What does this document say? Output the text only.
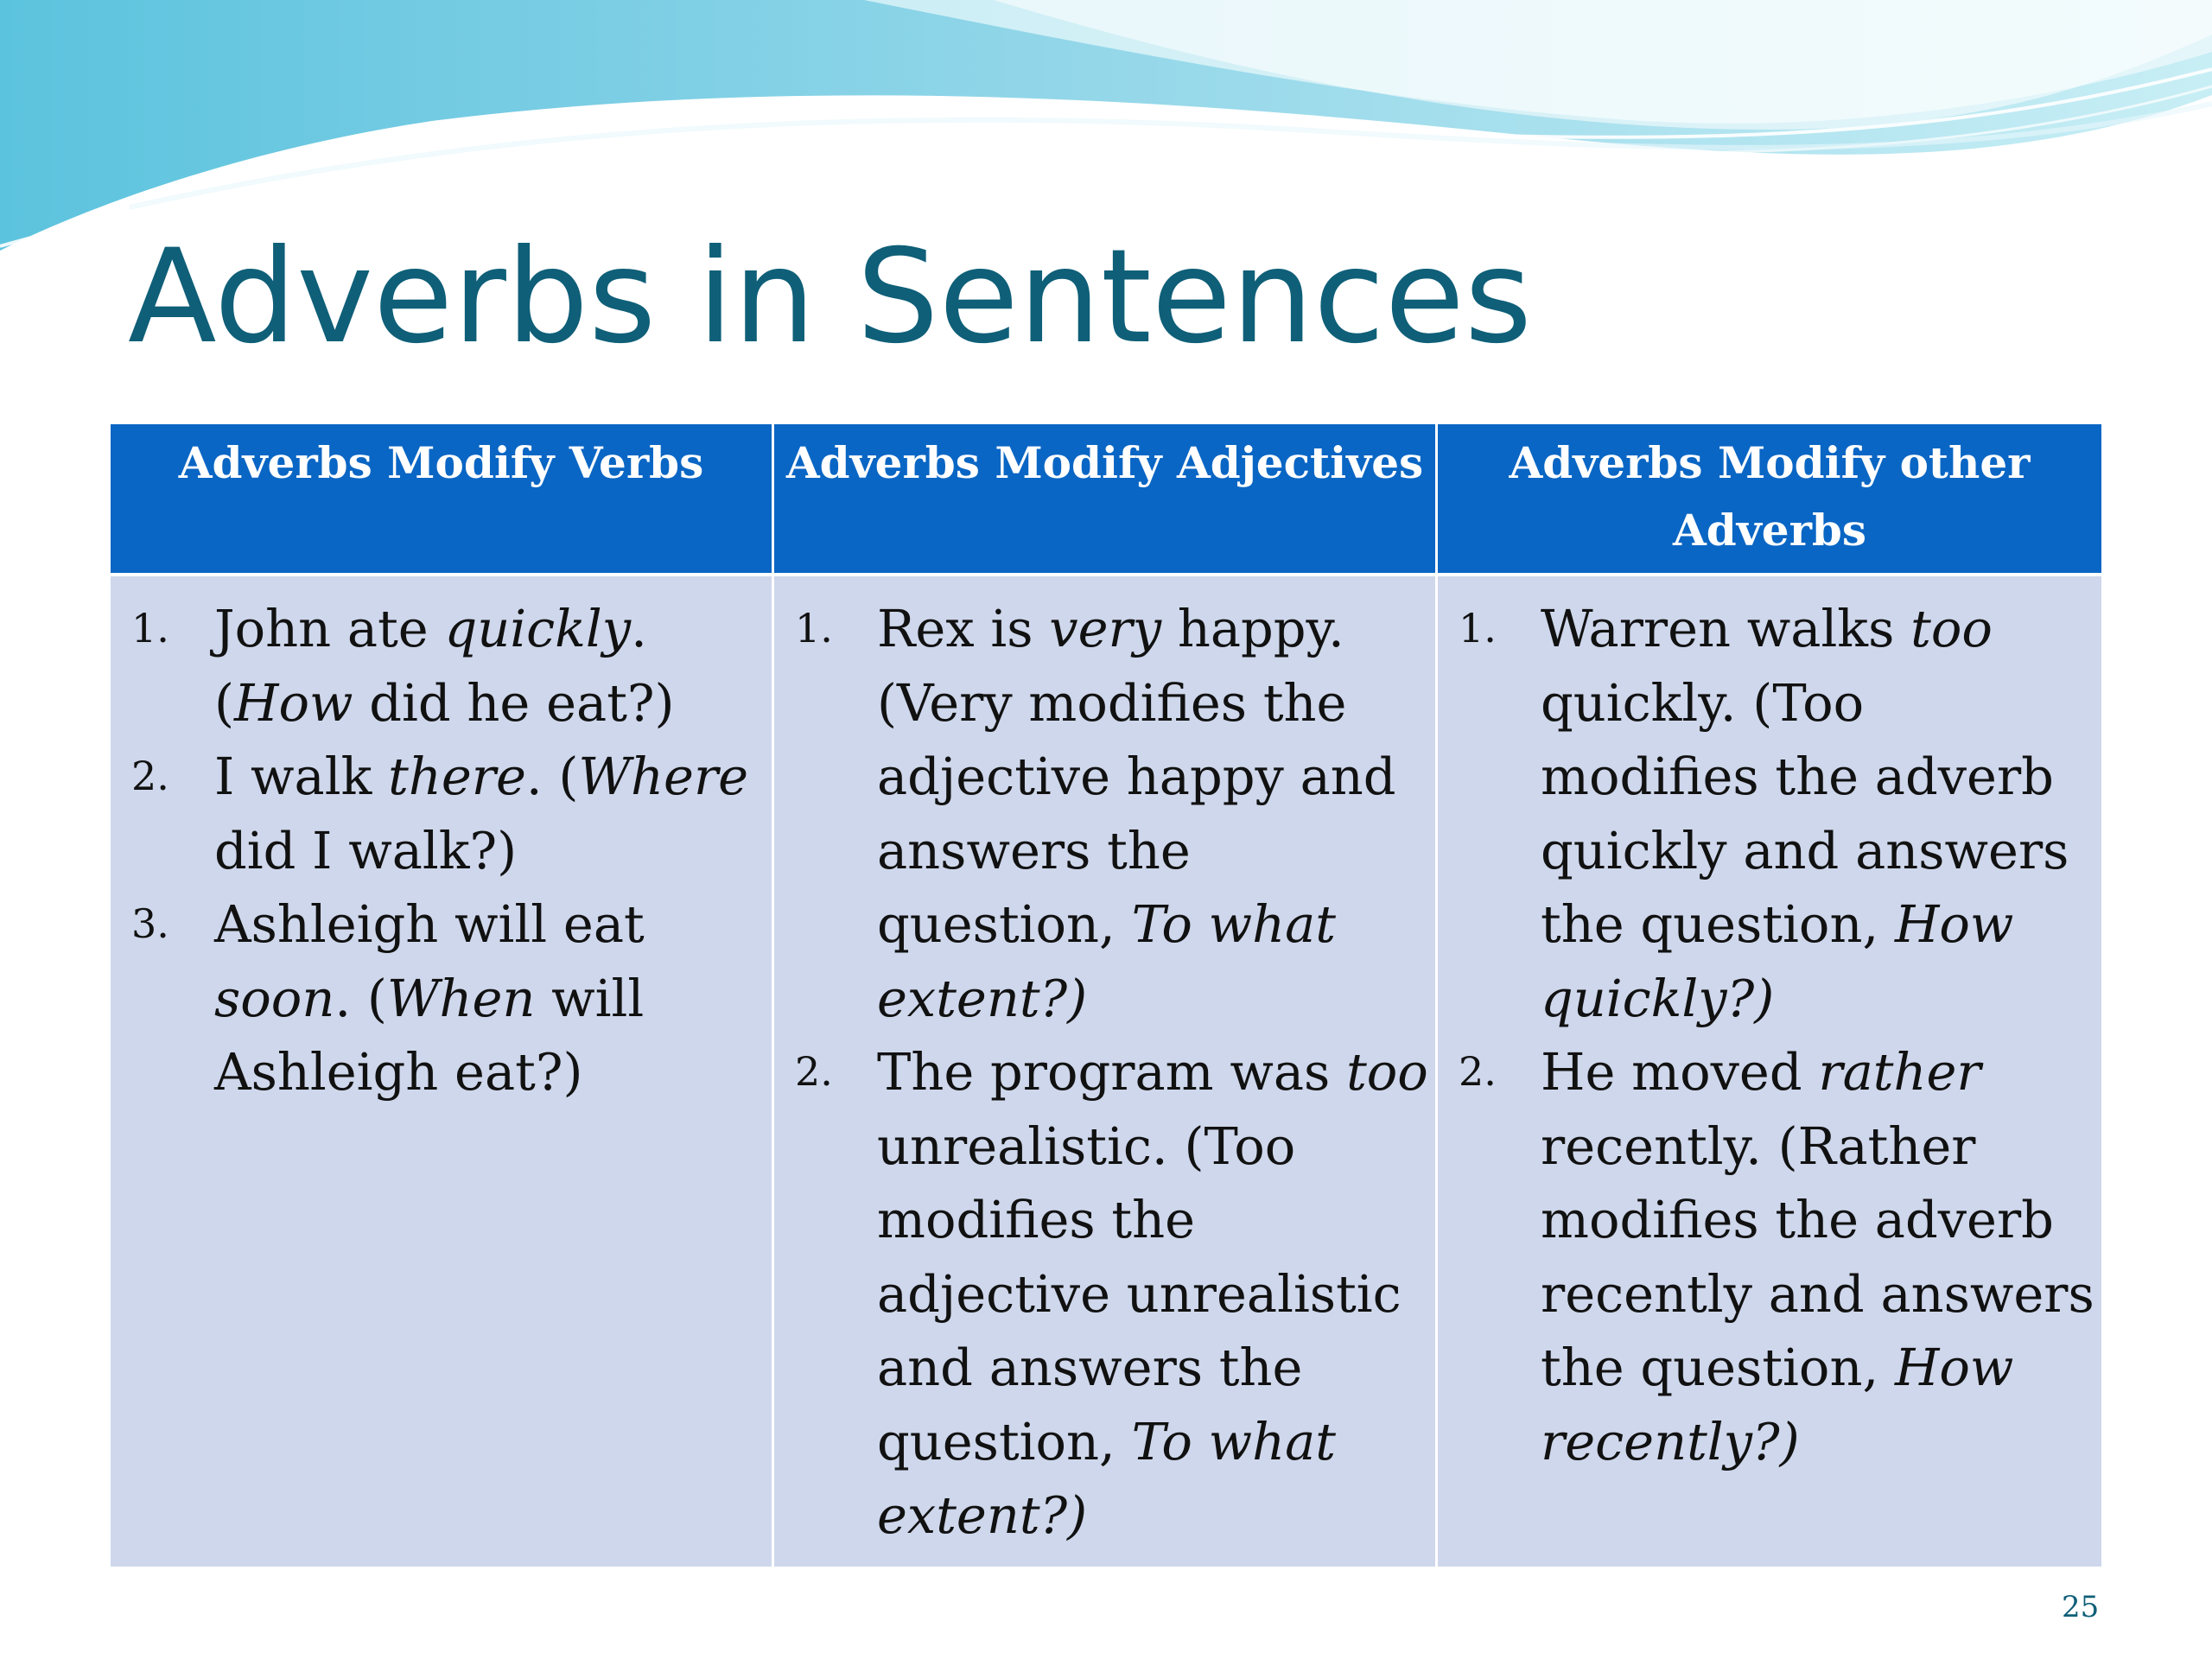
Adverbs in Sentences
Adverbs Modify Verbs	Adverbs Modify Adjectives	Adverbs Modify other Adverbs
1. John ate quickly. (How did he eat?)
2. I walk there. (Where did I walk?)
3. Ashleigh will eat soon. (When will Ashleigh eat?)
1. Rex is very happy. (Very modifies the adjective happy and answers the question, To what extent?)
2. The program was too unrealistic. (Too modifies the adjective unrealistic and answers the question, To what extent?)
1. Warren walks too quickly. (Too modifies the adverb quickly and answers the question, How quickly?)
2. He moved rather recently. (Rather modifies the adverb recently and answers the question, How recently?)
25
